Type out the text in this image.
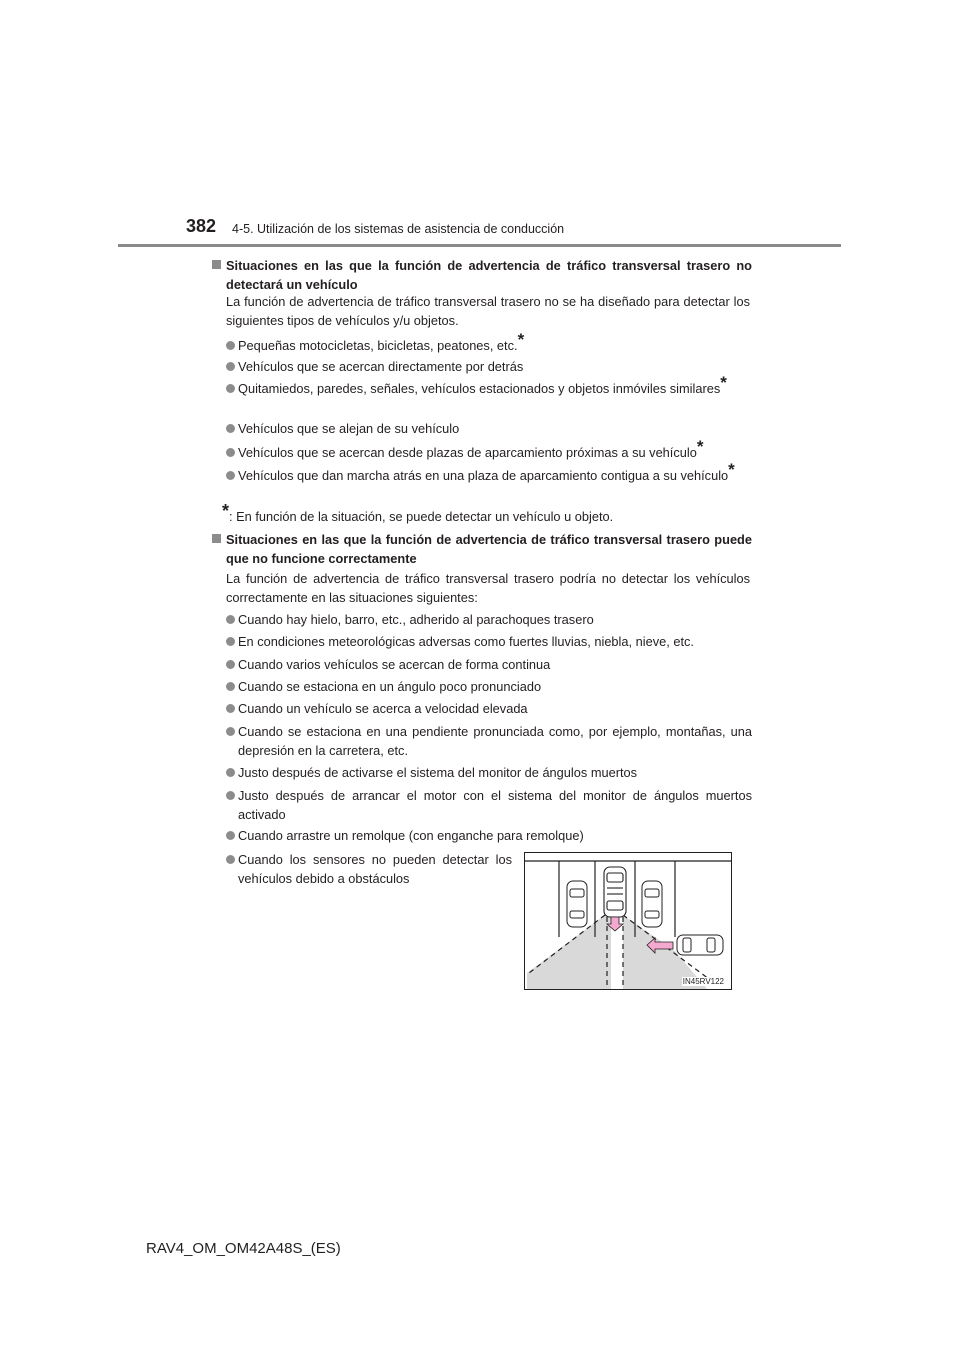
382 4-5. Utilización de los sistemas de asistencia de conducción
Situaciones en las que la función de advertencia de tráfico transversal trasero no detectará un vehículo
La función de advertencia de tráfico transversal trasero no se ha diseñado para detectar los siguientes tipos de vehículos y/u objetos.
Pequeñas motocicletas, bicicletas, peatones, etc.*
Vehículos que se acercan directamente por detrás
Quitamiedos, paredes, señales, vehículos estacionados y objetos inmóviles similares*
Vehículos que se alejan de su vehículo
Vehículos que se acercan desde plazas de aparcamiento próximas a su vehículo*
Vehículos que dan marcha atrás en una plaza de aparcamiento contigua a su vehículo*
*: En función de la situación, se puede detectar un vehículo u objeto.
Situaciones en las que la función de advertencia de tráfico transversal trasero puede que no funcione correctamente
La función de advertencia de tráfico transversal trasero podría no detectar los vehículos correctamente en las situaciones siguientes:
Cuando hay hielo, barro, etc., adherido al parachoques trasero
En condiciones meteorológicas adversas como fuertes lluvias, niebla, nieve, etc.
Cuando varios vehículos se acercan de forma continua
Cuando se estaciona en un ángulo poco pronunciado
Cuando un vehículo se acerca a velocidad elevada
Cuando se estaciona en una pendiente pronunciada como, por ejemplo, montañas, una depresión en la carretera, etc.
Justo después de activarse el sistema del monitor de ángulos muertos
Justo después de arrancar el motor con el sistema del monitor de ángulos muertos activado
Cuando arrastre un remolque (con enganche para remolque)
Cuando los sensores no pueden detectar los vehículos debido a obstáculos
IN45RV122
RAV4_OM_OM42A48S_(ES)
